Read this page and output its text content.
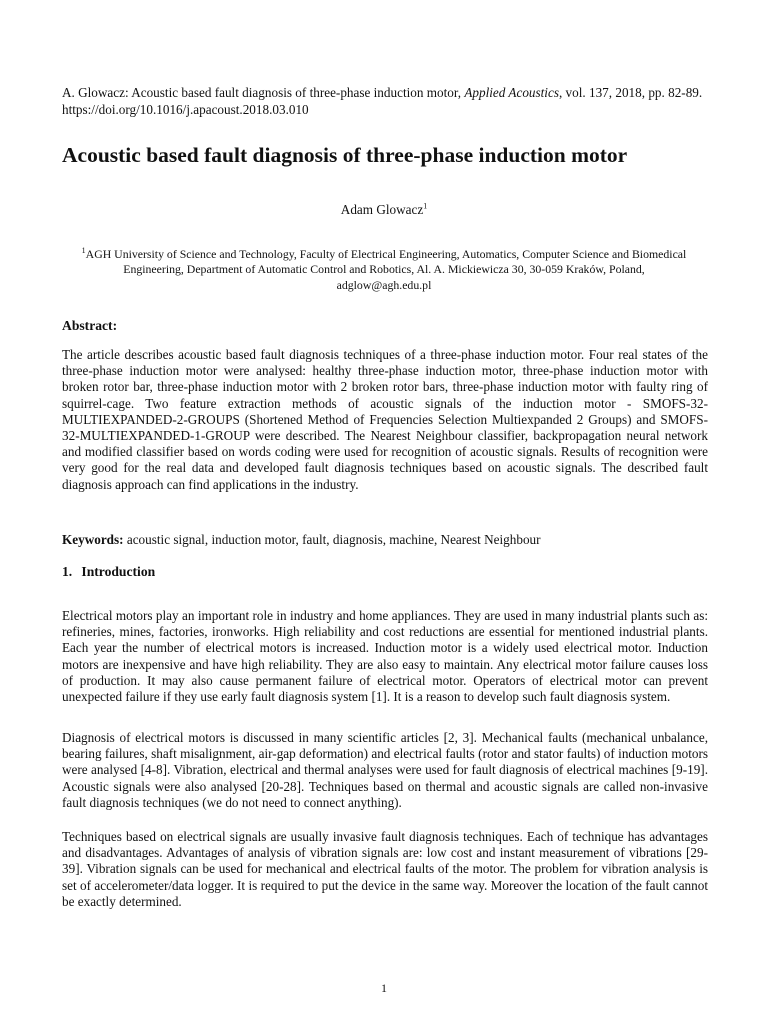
A. Glowacz: Acoustic based fault diagnosis of three-phase induction motor, Applied Acoustics, vol. 137, 2018, pp. 82-89. https://doi.org/10.1016/j.apacoust.2018.03.010
Acoustic based fault diagnosis of three-phase induction motor
Adam Glowacz$^1$
$^1$AGH University of Science and Technology, Faculty of Electrical Engineering, Automatics, Computer Science and Biomedical Engineering, Department of Automatic Control and Robotics, Al. A. Mickiewicza 30, 30-059 Kraków, Poland,
adglow@agh.edu.pl
Abstract:

The article describes acoustic based fault diagnosis techniques of a three-phase induction motor. Four real states of the three-phase induction motor were analysed: healthy three-phase induction motor, three-phase induction motor with broken rotor bar, three-phase induction motor with 2 broken rotor bars, three-phase induction motor with faulty ring of squirrel-cage. Two feature extraction methods of acoustic signals of the induction motor - SMOFS-32-MULTIEXPANDED-2-GROUPS (Shortened Method of Frequencies Selection Multiexpanded 2 Groups) and SMOFS-32-MULTIEXPANDED-1-GROUP were described. The Nearest Neighbour classifier, backpropagation neural network and modified classifier based on words coding were used for recognition of acoustic signals. Results of recognition were very good for the real data and developed fault diagnosis techniques based on acoustic signals. The described fault diagnosis approach can find applications in the industry.

Keywords: acoustic signal, induction motor, fault, diagnosis, machine, Nearest Neighbour

1. Introduction

Electrical motors play an important role in industry and home appliances. They are used in many industrial plants such as: refineries, mines, factories, ironworks. High reliability and cost reductions are essential for mentioned industrial plants. Each year the number of electrical motors is increased. Induction motor is a widely used electrical motor. Induction motors are inexpensive and have high reliability. They are also easy to maintain. Any electrical motor failure causes loss of production. It may also cause permanent failure of electrical motor. Operators of electrical motor can prevent unexpected failure if they use early fault diagnosis system [1]. It is a reason to develop such fault diagnosis system.

Diagnosis of electrical motors is discussed in many scientific articles [2, 3]. Mechanical faults (mechanical unbalance, bearing failures, shaft misalignment, air-gap deformation) and electrical faults (rotor and stator faults) of induction motors were analysed [4-8]. Vibration, electrical and thermal analyses were used for fault diagnosis of electrical machines [9-19]. Acoustic signals were also analysed [20-28]. Techniques based on thermal and acoustic signals are called non-invasive fault diagnosis techniques (we do not need to connect anything).

Techniques based on electrical signals are usually invasive fault diagnosis techniques. Each of technique has advantages and disadvantages. Advantages of analysis of vibration signals are: low cost and instant measurement of vibrations [29-39]. Vibration signals can be used for mechanical and electrical faults of the motor. The problem for vibration analysis is set of accelerometer/data logger. It is required to put the device in the same way. Moreover the location of the fault cannot be exactly determined.

1
